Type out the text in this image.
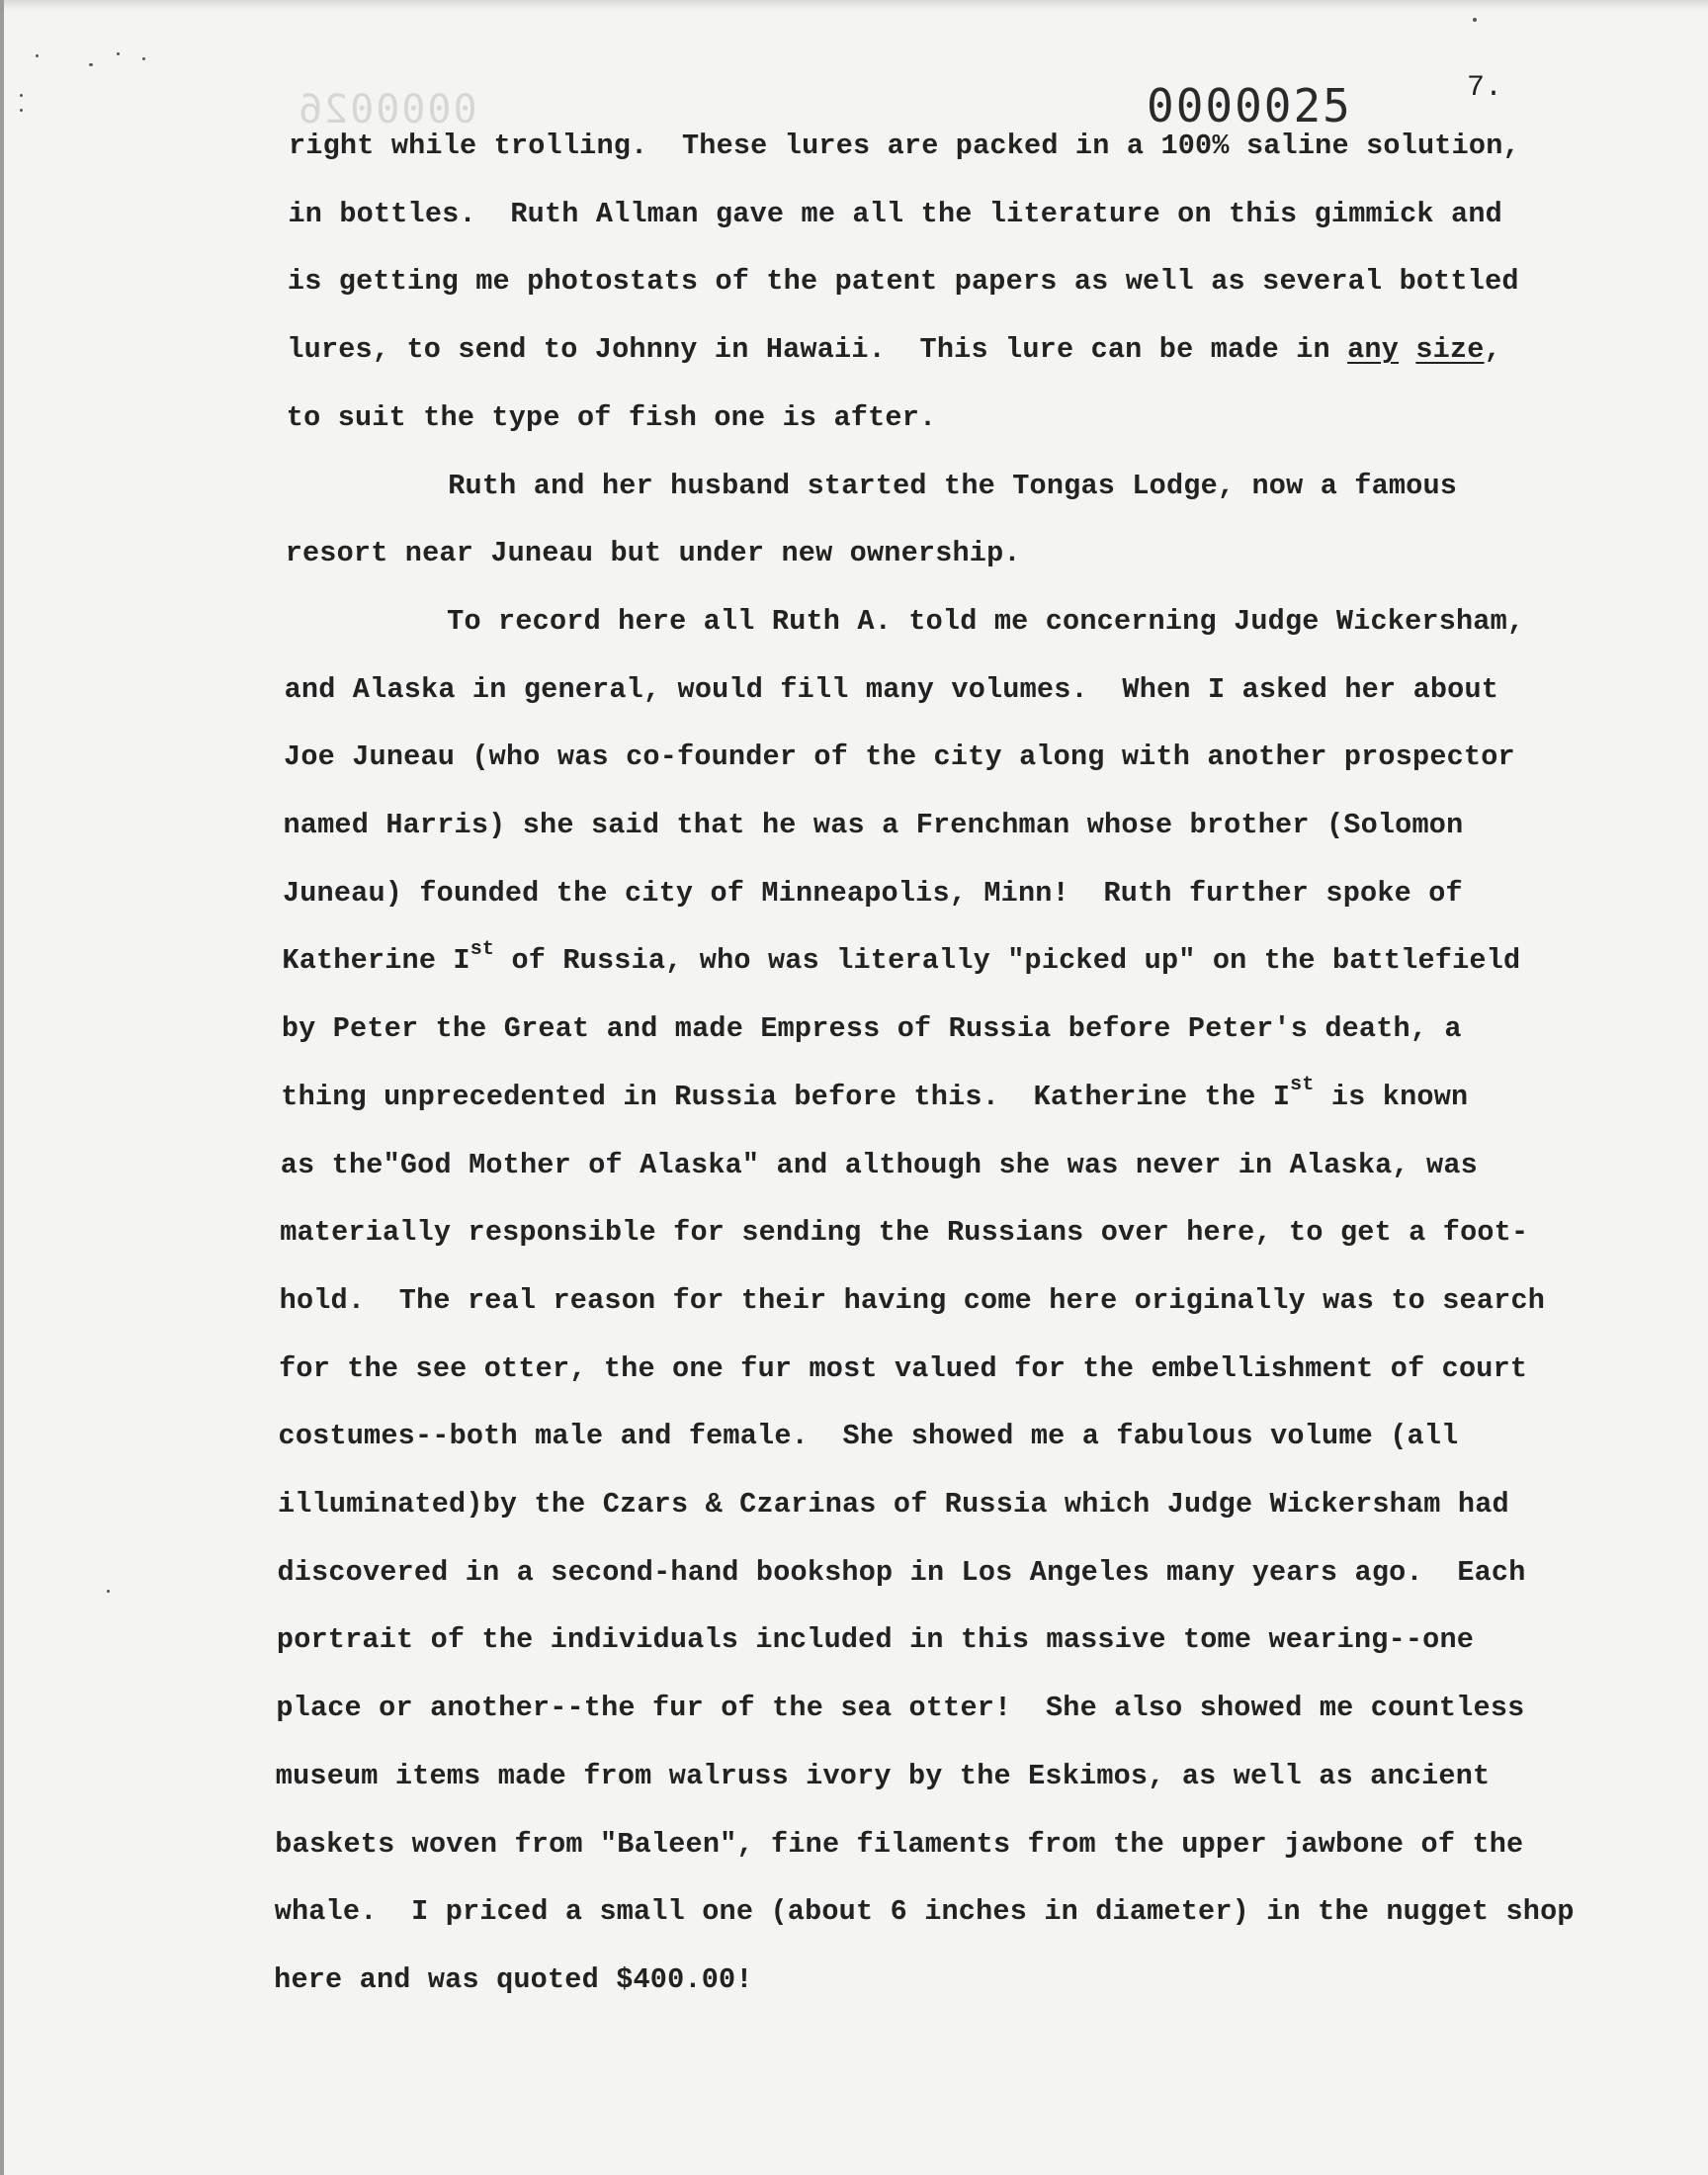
0000026	0000025	7.
right while trolling.  These lures are packed in a 100% saline solution,
in bottles.  Ruth Allman gave me all the literature on this gimmick and
is getting me photostats of the patent papers as well as several bottled
lures, to send to Johnny in Hawaii.  This lure can be made in any size,
to suit the type of fish one is after.
Ruth and her husband started the Tongas Lodge, now a famous
resort near Juneau but under new ownership.
To record here all Ruth A. told me concerning Judge Wickersham,
and Alaska in general, would fill many volumes.  When I asked her about
Joe Juneau (who was co-founder of the city along with another prospector
named Harris) she said that he was a Frenchman whose brother (Solomon
Juneau) founded the city of Minneapolis, Minn!  Ruth further spoke of
Katherine Ist of Russia, who was literally "picked up" on the battlefield
by Peter the Great and made Empress of Russia before Peter's death, a
thing unprecedented in Russia before this.  Katherine the Ist is known
as the"God Mother of Alaska" and although she was never in Alaska, was
materially responsible for sending the Russians over here, to get a foot-
hold.  The real reason for their having come here originally was to search
for the see otter, the one fur most valued for the embellishment of court
costumes--both male and female.  She showed me a fabulous volume (all
illuminated)by the Czars & Czarinas of Russia which Judge Wickersham had
discovered in a second-hand bookshop in Los Angeles many years ago.  Each
portrait of the individuals included in this massive tome wearing--one
place or another--the fur of the sea otter!  She also showed me countless
museum items made from walruss ivory by the Eskimos, as well as ancient
baskets woven from "Baleen", fine filaments from the upper jawbone of the
whale.  I priced a small one (about 6 inches in diameter) in the nugget shop
here and was quoted $400.00!
